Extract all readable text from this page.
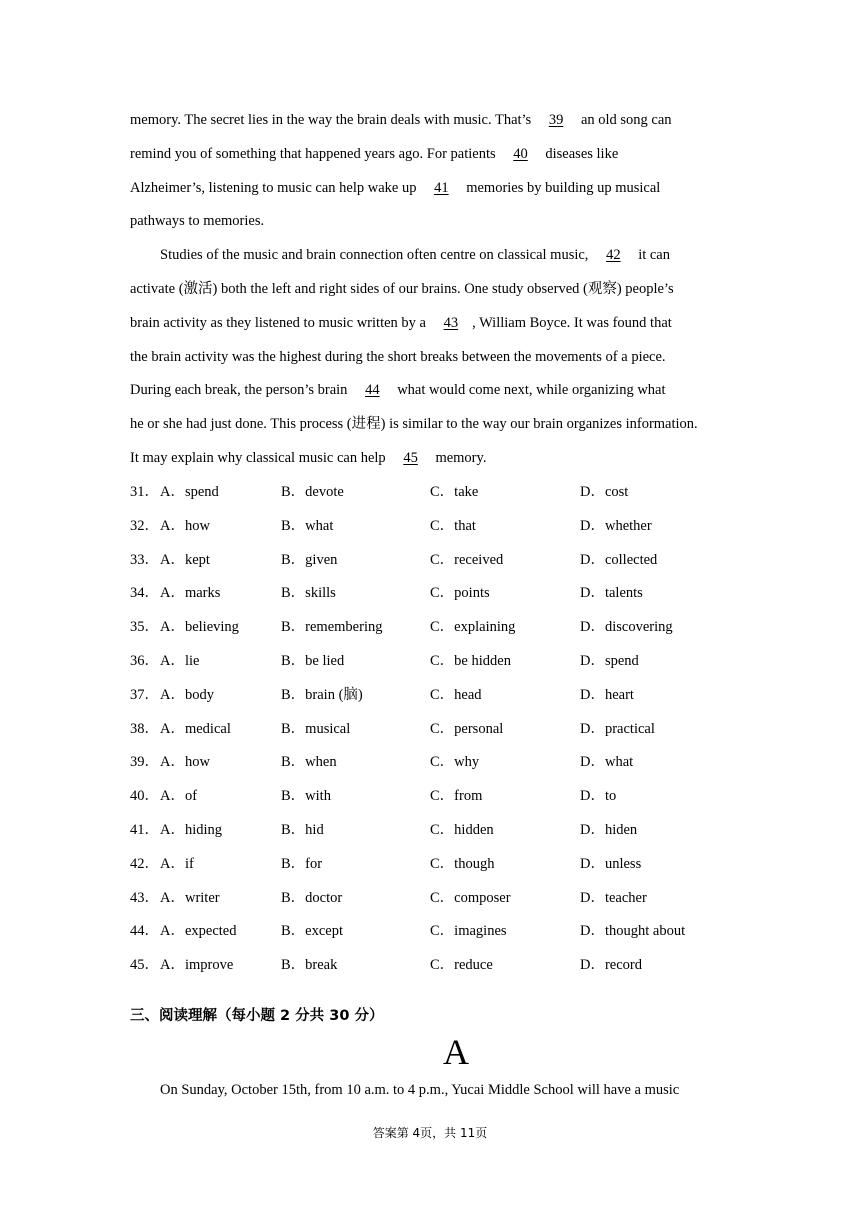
memory. The secret lies in the way the brain deals with music. That’s 39 an old song can
remind you of something that happened years ago. For patients 40 diseases like
Alzheimer’s, listening to music can help wake up 41 memories by building up musical
pathways to memories.
Studies of the music and brain connection often centre on classical music, 42 it can
activate (激活) both the left and right sides of our brains. One study observed (观察) people’s
brain activity as they listened to music written by a 43 , William Boyce. It was found that
the brain activity was the highest during the short breaks between the movements of a piece.
During each break, the person’s brain 44 what would come next, while organizing what
he or she had just done. This process (进程) is similar to the way our brain organizes information.
It may explain why classical music can help 45 memory.
31． A．spend	B．devote	C．take	D．cost
32． A．how	B．what	C．that	D．whether
33． A．kept	B．given	C．received	D．collected
34． A．marks	B．skills	C．points	D．talents
35． A．believing	B．remembering	C．explaining	D．discovering
36． A．lie	B．be lied	C．be hidden	D．spend
37． A．body	B．brain (脑)	C．head	D．heart
38． A．medical	B．musical	C．personal	D．practical
39． A．how	B．when	C．why	D．what
40． A．of	B．with	C．from	D．to
41． A．hiding	B．hid	C．hidden	D．hiden
42． A．if	B．for	C．though	D．unless
43． A．writer	B．doctor	C．composer	D．teacher
44． A．expected	B．except	C．imagines	D．thought about
45． A．improve	B．break	C．reduce	D．record
三、阅读理解（每小题 2 分共 30 分）
A
On Sunday, October 15th, from 10 a.m. to 4 p.m., Yucai Middle School will have a music
答案第 4页，共 11页
